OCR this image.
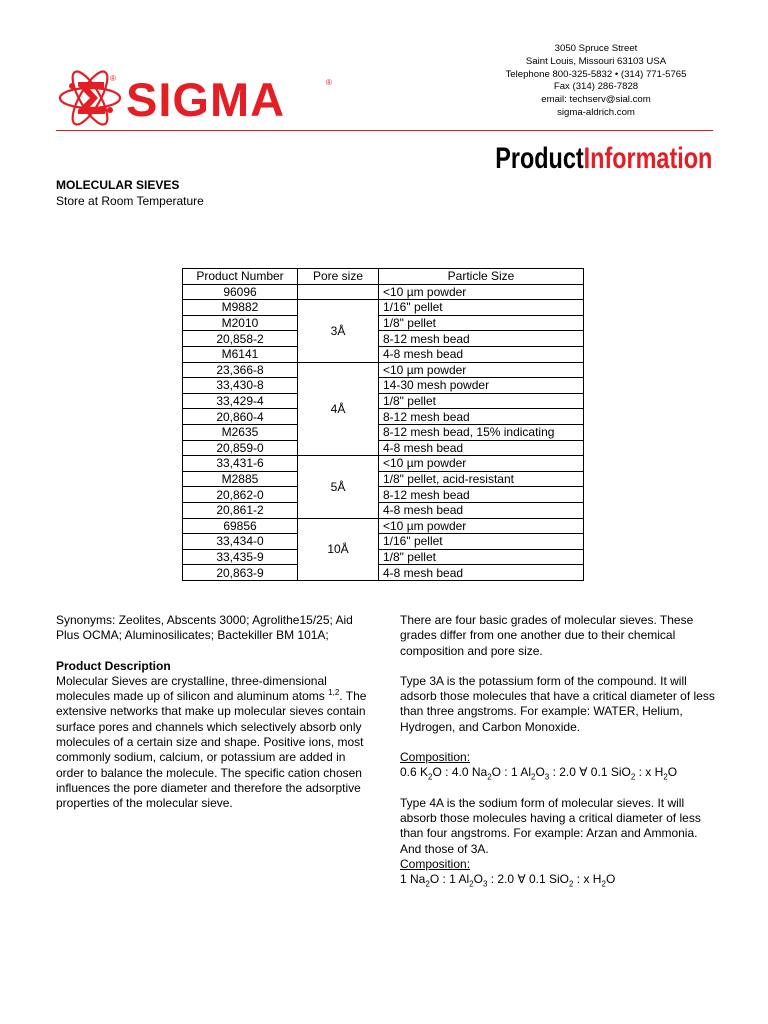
SIGMA
®	®
3050 Spruce Street
Saint Louis, Missouri 63103 USA
Telephone 800-325-5832 • (314) 771-5765
Fax (314) 286-7828
email: techserv@sial.com
sigma-aldrich.com
ProductInformation
MOLECULAR SIEVES
Store at Room Temperature
Product Number	Pore size	Particle Size
96096		<10 µm powder
M9882	3Å	1/16" pellet
M2010		1/8" pellet
20,858-2		8-12 mesh bead
M6141		4-8 mesh bead
23,366-8	4Å	<10 µm powder
33,430-8		14-30 mesh powder
33,429-4		1/8" pellet
20,860-4		8-12 mesh bead
M2635		8-12 mesh bead, 15% indicating
20,859-0		4-8 mesh bead
33,431-6	5Å	<10 µm powder
M2885		1/8" pellet, acid-resistant
20,862-0		8-12 mesh bead
20,861-2		4-8 mesh bead
69856	10Å	<10 µm powder
33,434-0		1/16" pellet
33,435-9		1/8" pellet
20,863-9		4-8 mesh bead

Synonyms: Zeolites, Abscents 3000; Agrolithe15/25; Aid Plus OCMA; Aluminosilicates; Bactekiller BM 101A;

Product Description

Molecular Sieves are crystalline, three-dimensional molecules made up of silicon and aluminum atoms $^{1,2}$. The extensive networks that make up molecular sieves contain surface pores and channels which selectively absorb only molecules of a certain size and shape. Positive ions, most commonly sodium, calcium, or potassium are added in order to balance the molecule. The specific cation chosen influences the pore diameter and therefore the adsorptive properties of the molecular sieve.

There are four basic grades of molecular sieves. These grades differ from one another due to their chemical composition and pore size.

Type 3A is the potassium form of the compound. It will adsorb those molecules that have a critical diameter of less than three angstroms. For example: WATER, Helium, Hydrogen, and Carbon Monoxide.

Composition:

0.6 $K_2O$ : 4.0 $Na_2O$ : 1 $Al_2O_3$ : 2.0 ∀ 0.1 SiO$_2$ : x $H_2O$

Type 4A is the sodium form of molecular sieves. It will absorb those molecules having a critical diameter of less than four angstroms. For example: Arzan and Ammonia. And those of 3A.

Composition:

1 $Na_2O$ : 1 $Al_2O_3$ : 2.0 ∀ 0.1 SiO$_2$ : x $H_2O$
